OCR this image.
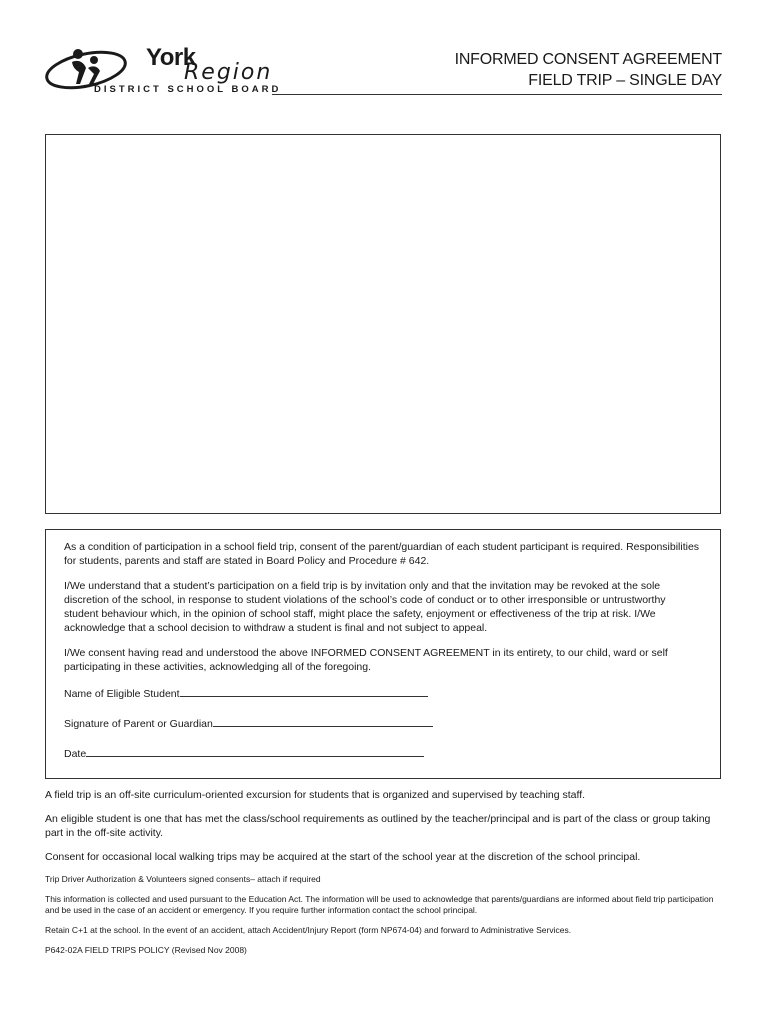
York
Region
DISTRICT SCHOOL BOARD
INFORMED CONSENT AGREEMENT
FIELD TRIP – SINGLE DAY

As a condition of participation in a school field trip, consent of the parent/guardian of each student participant is required. Responsibilities for students, parents and staff are stated in Board Policy and Procedure # 642.

I/We understand that a student’s participation on a field trip is by invitation only and that the invitation may be revoked at the sole discretion of the school, in response to student violations of the school’s code of conduct or to other irresponsible or untrustworthy student behaviour which, in the opinion of school staff, might place the safety, enjoyment or effectiveness of the trip at risk. I/We acknowledge that a school decision to withdraw a student is final and not subject to appeal.

I/We consent having read and understood the above INFORMED CONSENT AGREEMENT in its entirety, to our child, ward or self participating in these activities, acknowledging all of the foregoing.

Name of Eligible Student
Signature of Parent or Guardian
Date

A field trip is an off-site curriculum-oriented excursion for students that is organized and supervised by teaching staff.

An eligible student is one that has met the class/school requirements as outlined by the teacher/principal and is part of the class or group taking part in the off-site activity.

Consent for occasional local walking trips may be acquired at the start of the school year at the discretion of the school principal.

Trip Driver Authorization & Volunteers signed consents– attach if required

This information is collected and used pursuant to the Education Act. The information will be used to acknowledge that parents/guardians are informed about field trip participation and be used in the case of an accident or emergency. If you require further information contact the school principal.

Retain C+1 at the school. In the event of an accident, attach Accident/Injury Report (form NP674-04) and forward to Administrative Services.

P642-02A FIELD TRIPS POLICY (Revised Nov 2008)
